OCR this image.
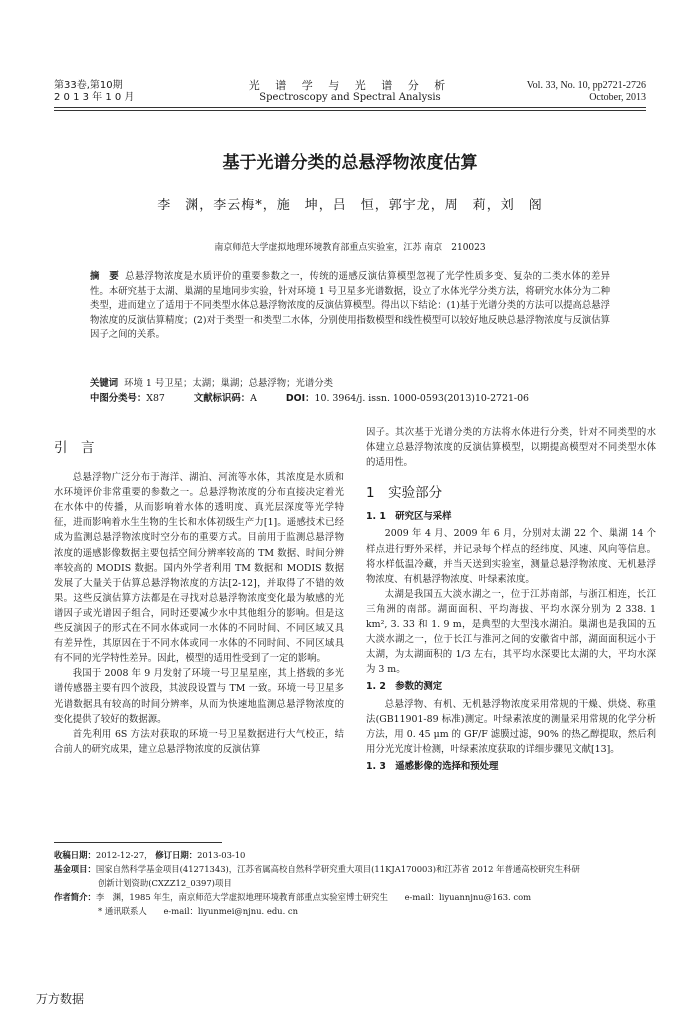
第33卷,第10期
2 0 1 3 年 1 0 月
光 谱 学 与 光 谱 分 析
Spectroscopy and Spectral Analysis
Vol. 33, No. 10, pp2721-2726
October, 2013
基于光谱分类的总悬浮物浓度估算
李　渊，李云梅*，施　坤，吕　恒，郭宇龙，周　莉，刘　阁
南京师范大学虚拟地理环境教育部重点实验室，江苏 南京　210023
摘　要 总悬浮物浓度是水质评价的重要参数之一，传统的遥感反演估算模型忽视了光学性质多变、复杂的二类水体的差异性。本研究基于太湖、巢湖的星地同步实验，针对环境 1 号卫星多光谱数据，设立了水体光学分类方法，将研究水体分为二种类型，进而建立了适用于不同类型水体总悬浮物浓度的反演估算模型。得出以下结论：(1)基于光谱分类的方法可以提高总悬浮物浓度的反演估算精度；(2)对于类型一和类型二水体，分别使用指数模型和线性模型可以较好地反映总悬浮物浓度与反演估算因子之间的关系。
关键词 环境 1 号卫星；太湖；巢湖；总悬浮物；光谱分类
中图分类号：X87	文献标识码：A	DOI：10. 3964/j. issn. 1000-0593(2013)10-2721-06
引　言

总悬浮物广泛分布于海洋、湖泊、河流等水体，其浓度是水质和水环境评价非常重要的参数之一。总悬浮物浓度的分布直接决定着光在水体中的传播，从而影响着水体的透明度、真光层深度等光学特征，进而影响着水生生物的生长和水体初级生产力[1]。遥感技术已经成为监测总悬浮物浓度时空分布的重要方式。目前用于监测总悬浮物浓度的遥感影像数据主要包括空间分辨率较高的 TM 数据、时间分辨率较高的 MODIS 数据。国内外学者利用 TM 数据和 MODIS 数据发展了大量关于估算总悬浮物浓度的方法[2-12]，并取得了不错的效果。这些反演估算方法都是在寻找对总悬浮物浓度变化最为敏感的光谱因子或光谱因子组合，同时还要减少水中其他组分的影响。但是这些反演因子的形式在不同水体或同一水体的不同时间、不同区域又具有差异性，其原因在于不同水体或同一水体的不同时间、不同区域具有不同的光学特性差异。因此，模型的适用性受到了一定的影响。

我国于 2008 年 9 月发射了环境一号卫星星座，其上搭载的多光谱传感器主要有四个波段，其波段设置与 TM 一致。环境一号卫星多光谱数据具有较高的时间分辨率，从而为快速地监测总悬浮物浓度的变化提供了较好的数据源。

首先利用 6S 方法对获取的环境一号卫星数据进行大气校正，结合前人的研究成果，建立总悬浮物浓度的反演估算

因子。其次基于光谱分类的方法将水体进行分类，针对不同类型的水体建立总悬浮物浓度的反演估算模型，以期提高模型对不同类型水体的适用性。

1　实验部分
1. 1　研究区与采样

2009 年 4 月、2009 年 6 月，分别对太湖 22 个、巢湖 14 个样点进行野外采样，并记录每个样点的经纬度、风速、风向等信息。将水样低温冷藏，并当天送到实验室，测量总悬浮物浓度、无机悬浮物浓度、有机悬浮物浓度、叶绿素浓度。

太湖是我国五大淡水湖之一，位于江苏南部，与浙江相连，长江三角洲的南部。湖面面积、平均海拔、平均水深分别为 2 338. 1 km², 3. 33 和 1. 9 m，是典型的大型浅水湖泊。巢湖也是我国的五大淡水湖之一，位于长江与淮河之间的安徽省中部，湖面面积远小于太湖，为太湖面积的 1/3 左右，其平均水深要比太湖的大，平均水深为 3 m。

1. 2　参数的测定

总悬浮物、有机、无机悬浮物浓度采用常规的干燥、烘烧、称重法(GB11901-89 标准)测定。叶绿素浓度的测量采用常规的化学分析方法，用 0. 45 μm 的 GF/F 滤膜过滤，90% 的热乙醇提取，然后利用分光光度计检测，叶绿素浓度获取的详细步骤见文献[13]。

1. 3　遥感影像的选择和预处理
收稿日期：2012-12-27， 修订日期：2013-03-10
基金项目：国家自然科学基金项目(41271343)，江苏省属高校自然科学研究重大项目(11KJA170003)和江苏省 2012 年普通高校研究生科研
创新计划资助(CXZZ12_0397)项目
作者简介：李　渊，1985 年生，南京师范大学虚拟地理环境教育部重点实验室博士研究生　　e-mail：liyuannjnu@163. com
* 通讯联系人　　e-mail：liyunmei@njnu. edu. cn
万方数据
